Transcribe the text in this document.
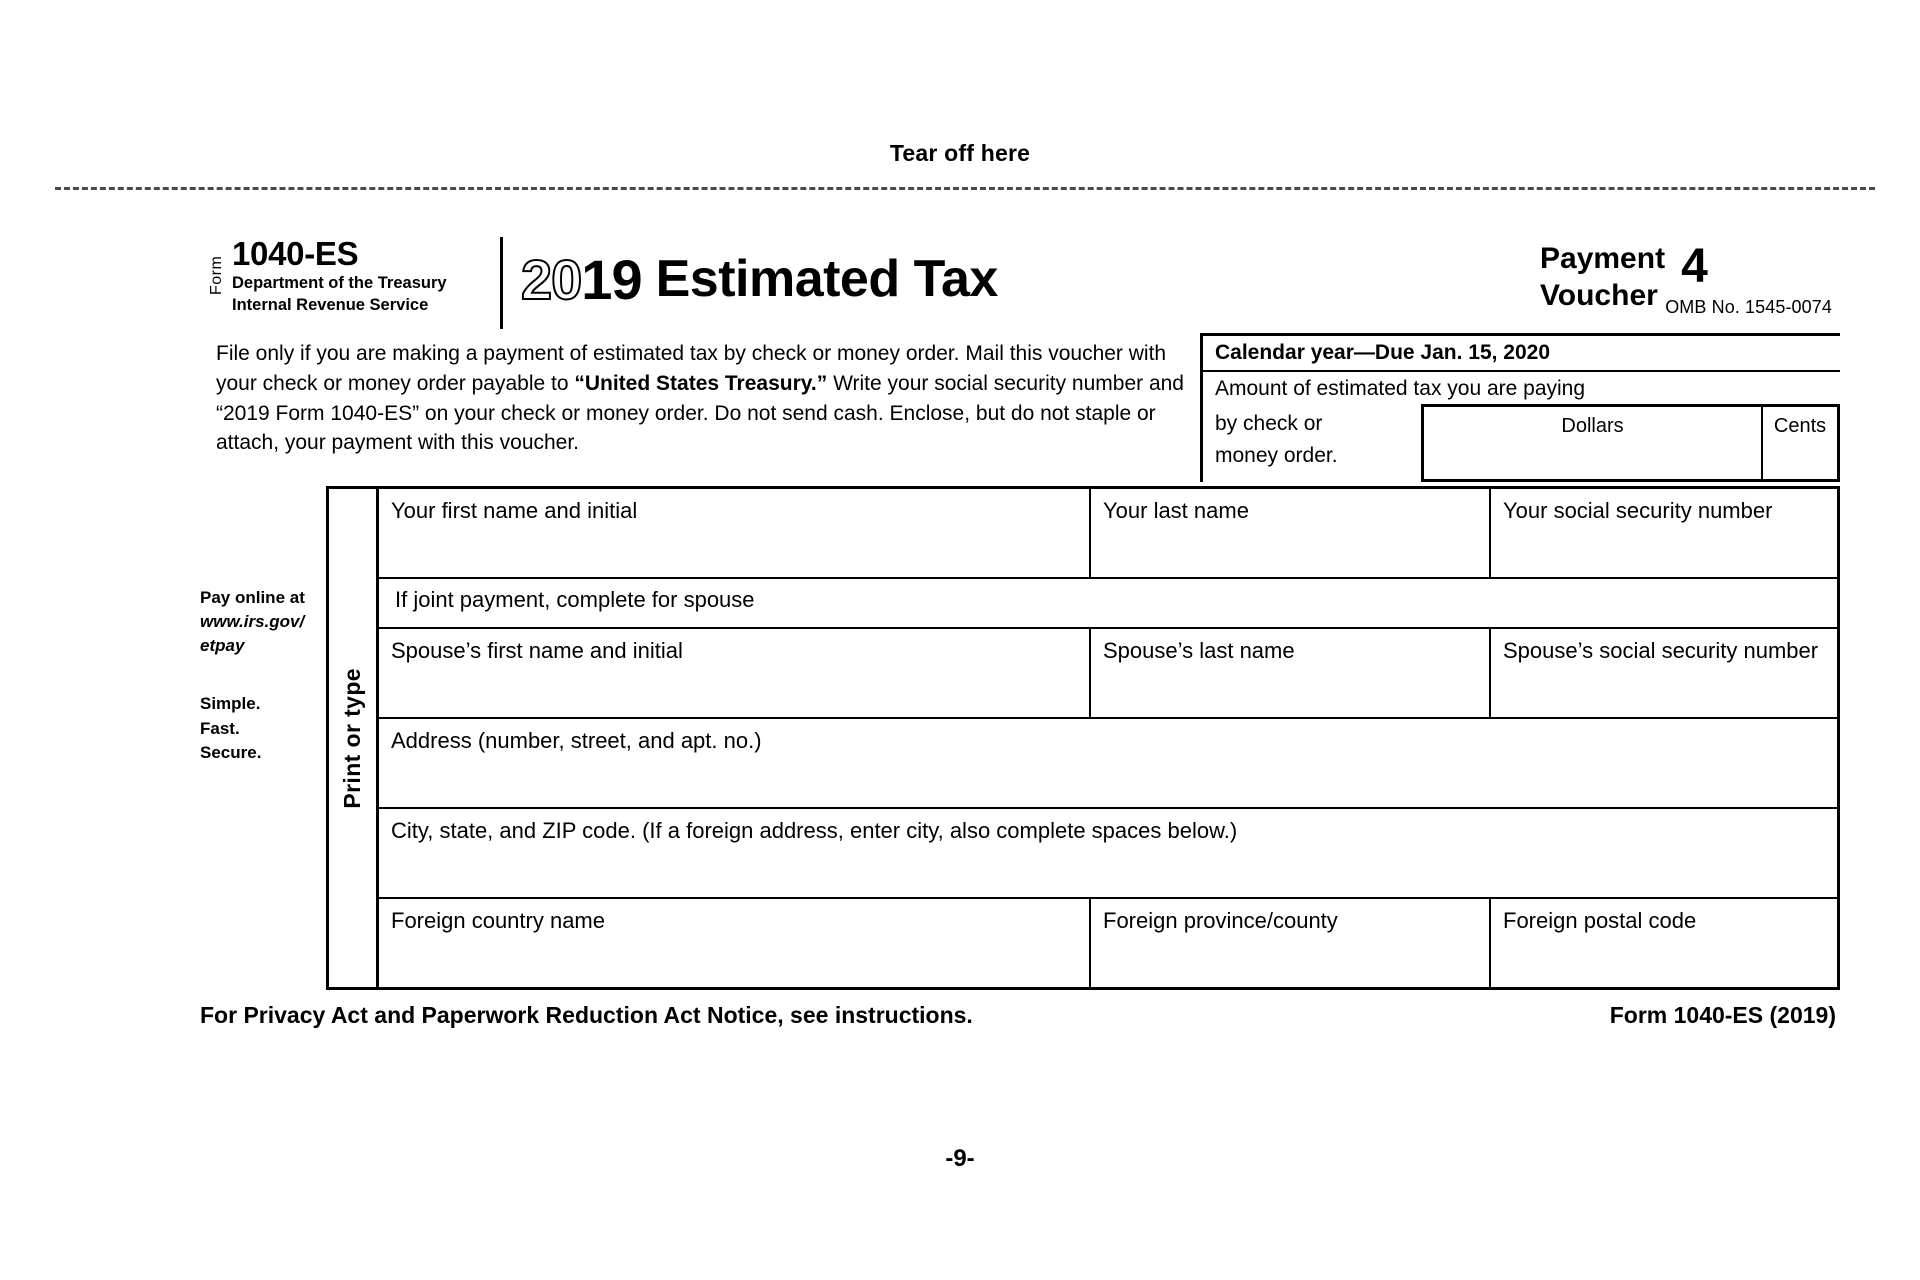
Tear off here
Form
1040-ES
Department of the Treasury
Internal Revenue Service	20 19 Estimated Tax	Payment
Voucher
4
OMB No. 1545-0074
File only if you are making a payment of estimated tax by check or money order. Mail this voucher with your check or money order payable to “United States Treasury.” Write your social security number and “2019 Form 1040-ES” on your check or money order. Do not send cash. Enclose, but do not staple or attach, your payment with this voucher.
Calendar year—Due Jan. 15, 2020
Amount of estimated tax you are paying
by check or
money order.
Dollars	Cents
Pay online at
www.irs.gov/
etpay
Simple.
Fast.
Secure.	Print or type
Your first name and initial	Your last name	Your social security number
If joint payment, complete for spouse
Spouse’s first name and initial	Spouse’s last name	Spouse’s social security number
Address (number, street, and apt. no.)
City, state, and ZIP code. (If a foreign address, enter city, also complete spaces below.)
Foreign country name	Foreign province/county	Foreign postal code
For Privacy Act and Paperwork Reduction Act Notice, see instructions.	Form 1040-ES (2019)
-9-
